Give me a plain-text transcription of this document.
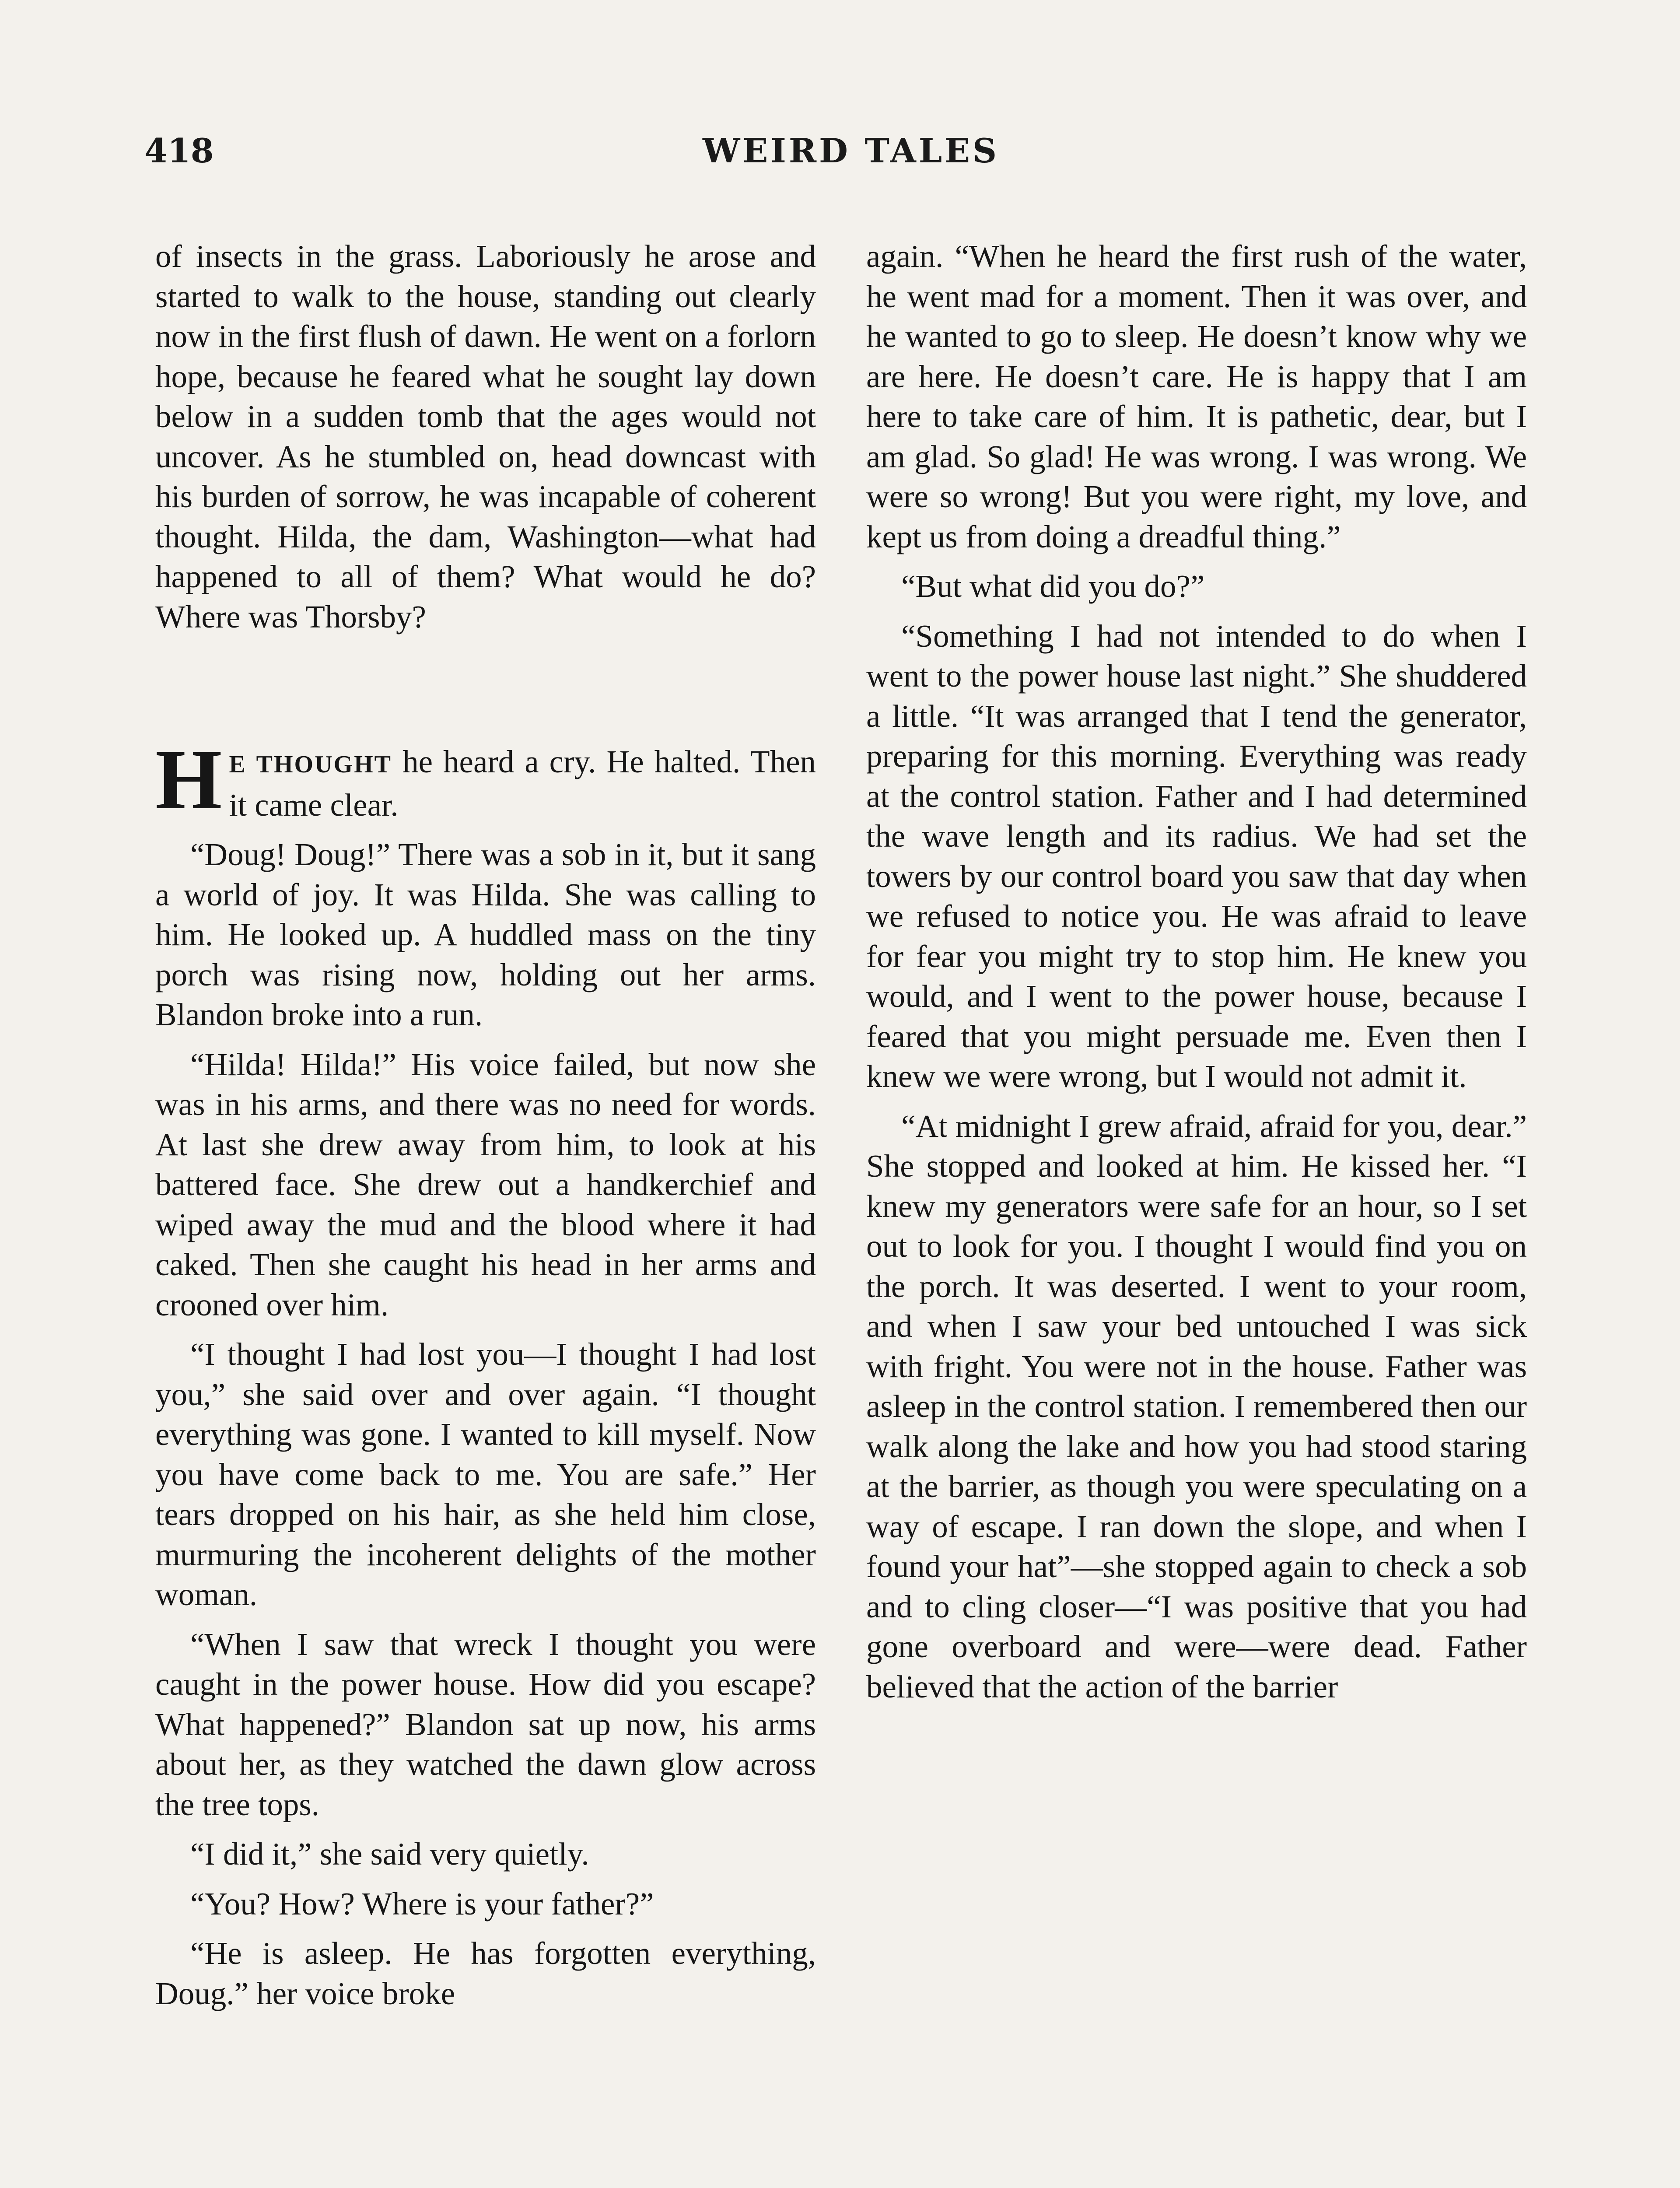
418	WEIRD TALES

of insects in the grass. Laboriously he arose and started to walk to the house, standing out clearly now in the first flush of dawn. He went on a forlorn hope, because he feared what he sought lay down below in a sudden tomb that the ages would not uncover. As he stumbled on, head downcast with his burden of sorrow, he was incapable of coherent thought. Hilda, the dam, Washington—what had happened to all of them? What would he do? Where was Thorsby?

H E THOUGHT he heard a cry. He halted. Then it came clear.

“Doug! Doug!” There was a sob in it, but it sang a world of joy. It was Hilda. She was calling to him. He looked up. A huddled mass on the tiny porch was rising now, holding out her arms. Blandon broke into a run.

“Hilda! Hilda!” His voice failed, but now she was in his arms, and there was no need for words. At last she drew away from him, to look at his battered face. She drew out a handkerchief and wiped away the mud and the blood where it had caked. Then she caught his head in her arms and crooned over him.

“I thought I had lost you—I thought I had lost you,” she said over and over again. “I thought everything was gone. I wanted to kill myself. Now you have come back to me. You are safe.” Her tears dropped on his hair, as she held him close, murmuring the incoherent delights of the mother woman.

“When I saw that wreck I thought you were caught in the power house. How did you escape? What happened?” Blandon sat up now, his arms about her, as they watched the dawn glow across the tree tops.

“I did it,” she said very quietly.

“You? How? Where is your father?”

“He is asleep. He has forgotten everything, Doug.” her voice broke

again. “When he heard the first rush of the water, he went mad for a moment. Then it was over, and he wanted to go to sleep. He doesn’t know why we are here. He doesn’t care. He is happy that I am here to take care of him. It is pathetic, dear, but I am glad. So glad! He was wrong. I was wrong. We were so wrong! But you were right, my love, and kept us from doing a dreadful thing.”

“But what did you do?”

“Something I had not intended to do when I went to the power house last night.” She shuddered a little. “It was arranged that I tend the generator, preparing for this morning. Everything was ready at the control station. Father and I had determined the wave length and its radius. We had set the towers by our control board you saw that day when we refused to notice you. He was afraid to leave for fear you might try to stop him. He knew you would, and I went to the power house, because I feared that you might persuade me. Even then I knew we were wrong, but I would not admit it.

“At midnight I grew afraid, afraid for you, dear.” She stopped and looked at him. He kissed her. “I knew my generators were safe for an hour, so I set out to look for you. I thought I would find you on the porch. It was deserted. I went to your room, and when I saw your bed untouched I was sick with fright. You were not in the house. Father was asleep in the control station. I remembered then our walk along the lake and how you had stood staring at the barrier, as though you were speculating on a way of escape. I ran down the slope, and when I found your hat”—she stopped again to check a sob and to cling closer—“I was positive that you had gone overboard and were—were dead. Father believed that the action of the barrier
